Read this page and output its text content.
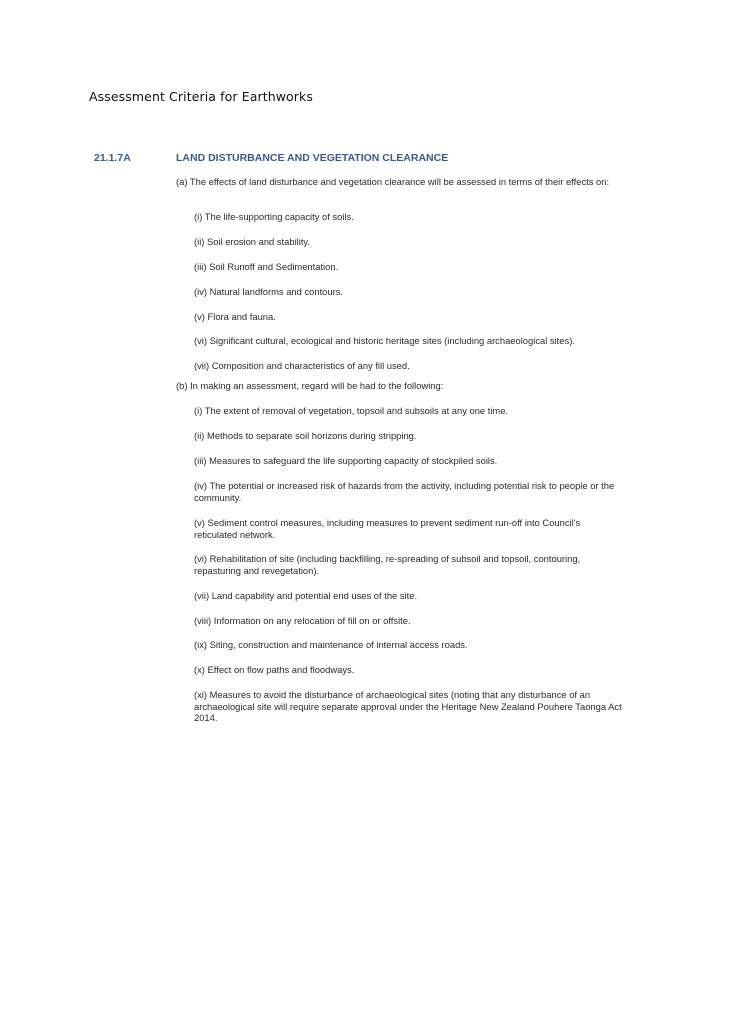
Assessment Criteria for Earthworks
21.1.7A	LAND DISTURBANCE AND VEGETATION CLEARANCE
(a) The effects of land disturbance and vegetation clearance will be assessed in terms of their effects on:
(i) The life-supporting capacity of soils.
(ii) Soil erosion and stability.
(iii) Soil Runoff and Sedimentation.
(iv) Natural landforms and contours.
(v) Flora and fauna.
(vi) Significant cultural, ecological and historic heritage sites (including archaeological sites).
(vii) Composition and characteristics of any fill used.
(b) In making an assessment, regard will be had to the following:
(i) The extent of removal of vegetation, topsoil and subsoils at any one time.
(ii) Methods to separate soil horizons during stripping.
(iii) Measures to safeguard the life supporting capacity of stockpiled soils.
(iv) The potential or increased risk of hazards from the activity, including potential risk to people or the community.
(v) Sediment control measures, including measures to prevent sediment run-off into Council's reticulated network.
(vi) Rehabilitation of site (including backfilling, re-spreading of subsoil and topsoil, contouring, repasturing and revegetation).
(vii) Land capability and potential end uses of the site.
(viii) Information on any relocation of fill on or offsite.
(ix) Siting, construction and maintenance of internal access roads.
(x) Effect on flow paths and floodways.
(xi) Measures to avoid the disturbance of archaeological sites (noting that any disturbance of an archaeological site will require separate approval under the Heritage New Zealand Pouhere Taonga Act 2014.
